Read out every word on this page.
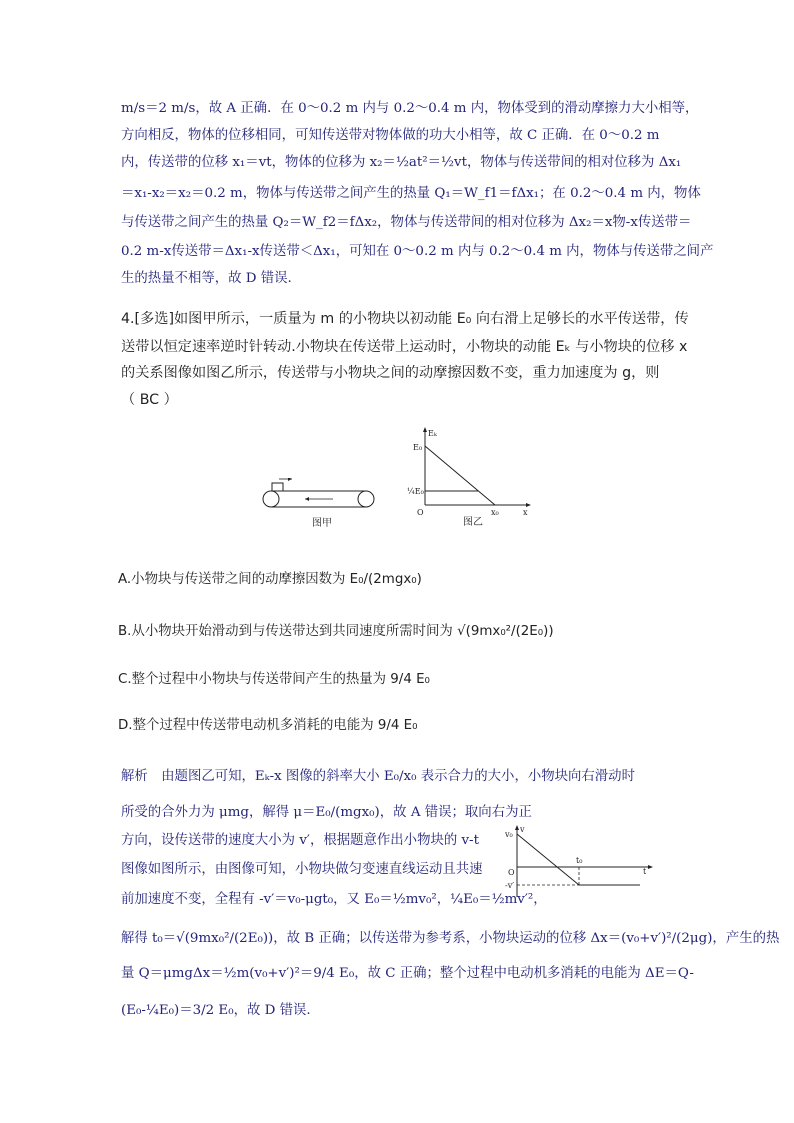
m/s＝2 m/s，故 A 正确．在 0～0.2 m 内与 0.2～0.4 m 内，物体受到的滑动摩擦力大小相等，
方向相反，物体的位移相同，可知传送带对物体做的功大小相等，故 C 正确．在 0～0.2 m
内，传送带的位移 x₁＝vt，物体的位移为 x₂＝½at²＝½vt，物体与传送带间的相对位移为 Δx₁
＝x₁-x₂＝x₂＝0.2 m，物体与传送带之间产生的热量 Q₁＝W_f1＝fΔx₁；在 0.2～0.4 m 内，物体
与传送带之间产生的热量 Q₂＝W_f2＝fΔx₂，物体与传送带间的相对位移为 Δx₂＝x物-x传送带＝
0.2 m-x传送带＝Δx₁-x传送带＜Δx₁，可知在 0～0.2 m 内与 0.2～0.4 m 内，物体与传送带之间产
生的热量不相等，故 D 错误.
4.[多选]如图甲所示，一质量为 m 的小物块以初动能 E₀ 向右滑上足够长的水平传送带，传
送带以恒定速率逆时针转动.小物块在传送带上运动时，小物块的动能 Eₖ 与小物块的位移 x
的关系图像如图乙所示，传送带与小物块之间的动摩擦因数不变，重力加速度为 g，则
（ BC ）
图甲
Eₖ
E₀
¼E₀
O	x₀	x
图乙
A.小物块与传送带之间的动摩擦因数为 E₀/(2mgx₀)
B.从小物块开始滑动到与传送带达到共同速度所需时间为 √(9mx₀²/(2E₀))
C.整个过程中小物块与传送带间产生的热量为 9/4 E₀
D.整个过程中传送带电动机多消耗的电能为 9/4 E₀
解析　由题图乙可知，Eₖ-x 图像的斜率大小 E₀/x₀ 表示合力的大小，小物块向右滑动时
所受的合外力为 μmg，解得 μ＝E₀/(mgx₀)，故 A 错误；取向右为正
方向，设传送带的速度大小为 v′，根据题意作出小物块的 v-t
图像如图所示，由图像可知，小物块做匀变速直线运动且共速
前加速度不变，全程有 -v′＝v₀-μgt₀，又 E₀＝½mv₀²，¼E₀＝½mv′²，
解得 t₀＝√(9mx₀²/(2E₀))，故 B 正确；以传送带为参考系，小物块运动的位移 Δx＝(v₀+v′)²/(2μg)，产生的热
量 Q＝μmgΔx＝½m(v₀+v′)²＝9/4 E₀，故 C 正确；整个过程中电动机多消耗的电能为 ΔE＝Q-
(E₀-¼E₀)＝3/2 E₀，故 D 错误.
v
v₀
O
-v′
t₀
t
